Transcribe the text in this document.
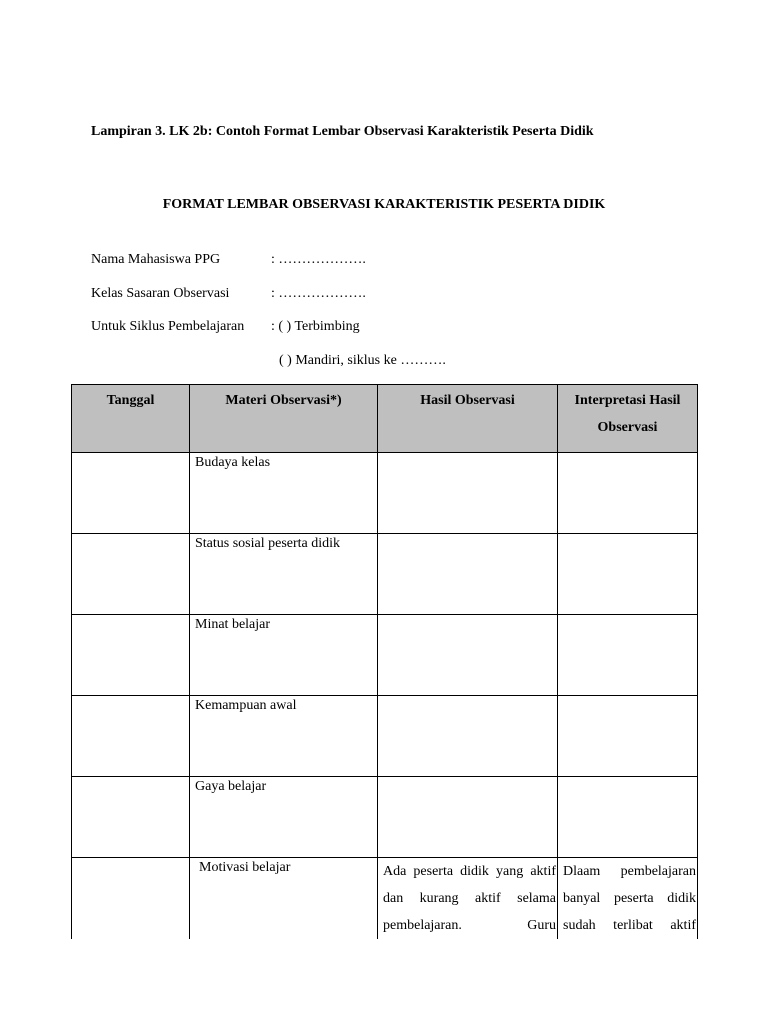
Lampiran 3. LK 2b: Contoh Format Lembar Observasi Karakteristik Peserta Didik
FORMAT LEMBAR OBSERVASI KARAKTERISTIK PESERTA DIDIK
Nama Mahasiswa PPG	: ……………….
Kelas Sasaran Observasi	: ……………….
Untuk Siklus Pembelajaran : ( ) Terbimbing
( ) Mandiri, siklus ke ……….
Tanggal	Materi Observasi*)	Hasil Observasi	Interpretasi Hasil Observasi
	Budaya kelas		
	Status sosial peserta didik		
	Minat belajar		
	Kemampuan awal		
	Gaya belajar		
	Motivasi belajar	Ada peserta didik yang aktif dan kurang aktif selama pembelajaran. Guru	Dlaam pembelajaran banyal peserta didik sudah terlibat aktif
